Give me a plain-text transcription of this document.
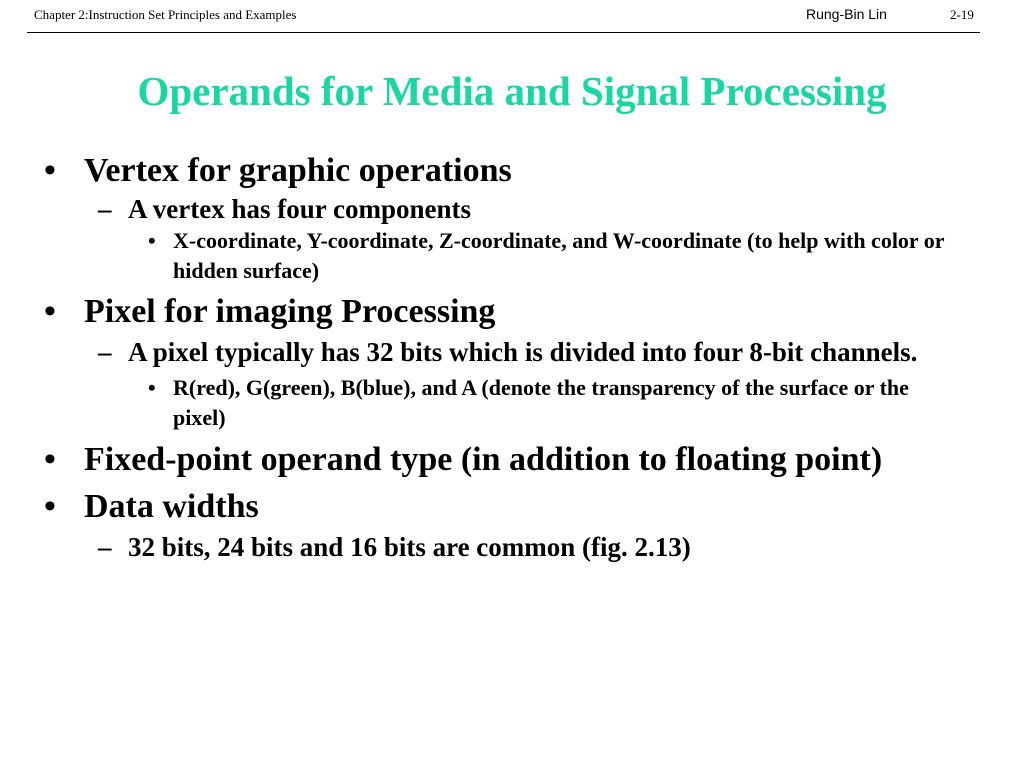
Chapter 2:Instruction Set Principles and Examples	Rung-Bin Lin	2-19
Operands for Media and Signal Processing
• Vertex for graphic operations
– A vertex has four components
• X-coordinate, Y-coordinate, Z-coordinate, and W-coordinate (to help with color or hidden surface)
• Pixel for imaging Processing
– A pixel typically has 32 bits which is divided into four 8-bit channels.
• R(red), G(green), B(blue), and A (denote the transparency of the surface or the pixel)
• Fixed-point operand type (in addition to floating point)
• Data widths
– 32 bits, 24 bits and 16 bits are common (fig. 2.13)
